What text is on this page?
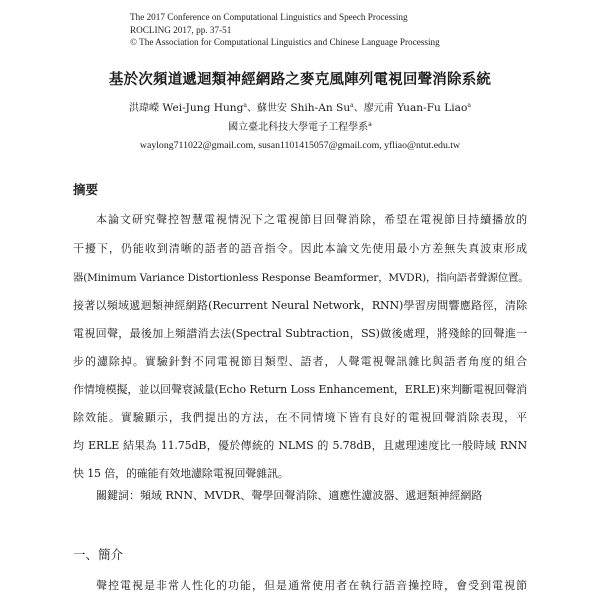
The 2017 Conference on Computational Linguistics and Speech Processing
ROCLING 2017, pp. 37-51
© The Association for Computational Linguistics and Chinese Language Processing
基於次頻道遞迴類神經網路之麥克風陣列電視回聲消除系統
洪瑋嶸 Wei-Jung Hung$^a$、蘇世安 Shih-An Su$^a$、廖元甫 Yuan-Fu Liao$^a$
國立臺北科技大學電子工程學系$^a$
waylong711022@gmail.com, susan1101415057@gmail.com, yfliao@ntut.edu.tw
摘要
本論文研究聲控智慧電視情況下之電視節目回聲消除，希望在電視節目持續播放的
干擾下，仍能收到清晰的語者的語音指令。因此本論文先使用最小方差無失真波束形成
器(Minimum Variance Distortionless Response Beamformer，MVDR)，指向語者聲源位置。
接著以頻域遞迴類神經網路(Recurrent Neural Network，RNN)學習房間響應路徑，清除
電視回聲，最後加上頻譜消去法(Spectral Subtraction，SS)做後處理，將殘餘的回聲進一
步的濾除掉。實驗針對不同電視節目類型、語者，人聲電視聲訊雜比與語者角度的組合
作情境模擬，並以回聲衰減量(Echo Return Loss Enhancement，ERLE)來判斷電視回聲消
除效能。實驗顯示，我們提出的方法，在不同情境下皆有良好的電視回聲消除表現，平
均 ERLE 結果為 11.75dB，優於傳統的 NLMS 的 5.78dB，且處理速度比一般時域 RNN
快 15 倍，的確能有效地濾除電視回聲雜訊。
關鍵詞：頻域 RNN、MVDR、聲學回聲消除、適應性濾波器、遞迴類神經網路
一、簡介
聲控電視是非常人性化的功能，但是通常使用者在執行語音操控時，會受到電視節
